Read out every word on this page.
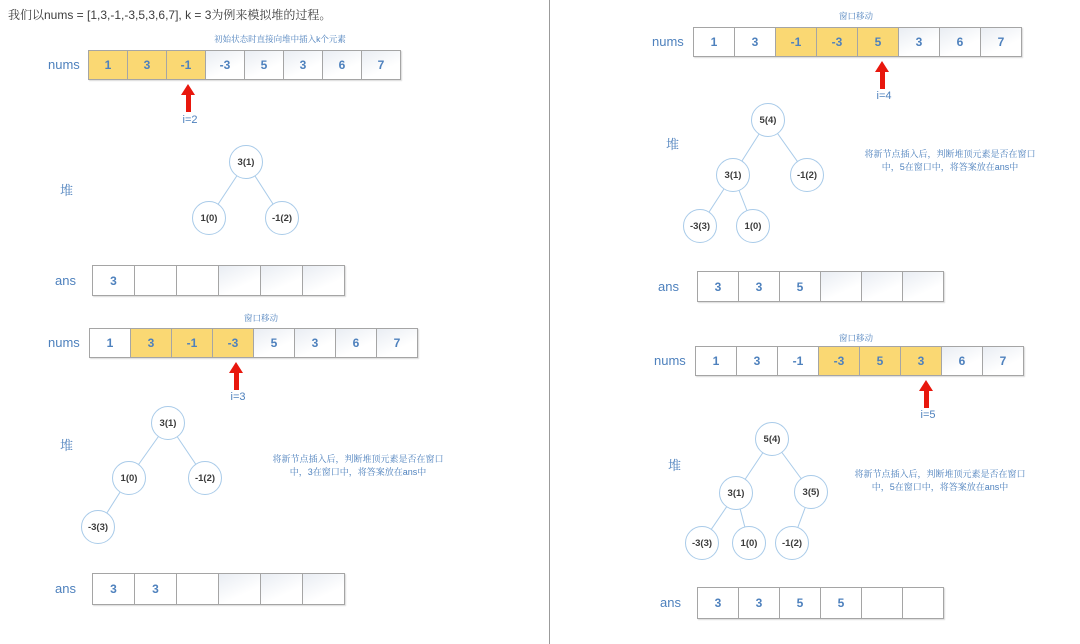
我们以nums = [1,3,-1,-3,5,3,6,7], k = 3为例来模拟堆的过程。
初始状态时直接向堆中插入k个元素
nums	1	3	-1	-3	5	3	6	7
i=2
堆
3(1)
1(0)	-1(2)
ans	3
窗口移动
nums	1	3	-1	-3	5	3	6	7
i=3
堆
3(1)
1(0)	-1(2)
-3(3)
将新节点插入后，判断堆顶元素是否在窗口
中，3在窗口中，将答案放在ans中
ans	3	3
窗口移动
nums	1	3	-1	-3	5	3	6	7
i=4
堆
5(4)
3(1)	-1(2)
-3(3)	1(0)
将新节点插入后，判断堆顶元素是否在窗口
中，5在窗口中，将答案放在ans中
ans	3	3	5
窗口移动
nums	1	3	-1	-3	5	3	6	7
i=5
堆
5(4)
3(1)	3(5)
-3(3)	1(0)	-1(2)
将新节点插入后，判断堆顶元素是否在窗口
中，5在窗口中，将答案放在ans中
ans	3	3	5	5
